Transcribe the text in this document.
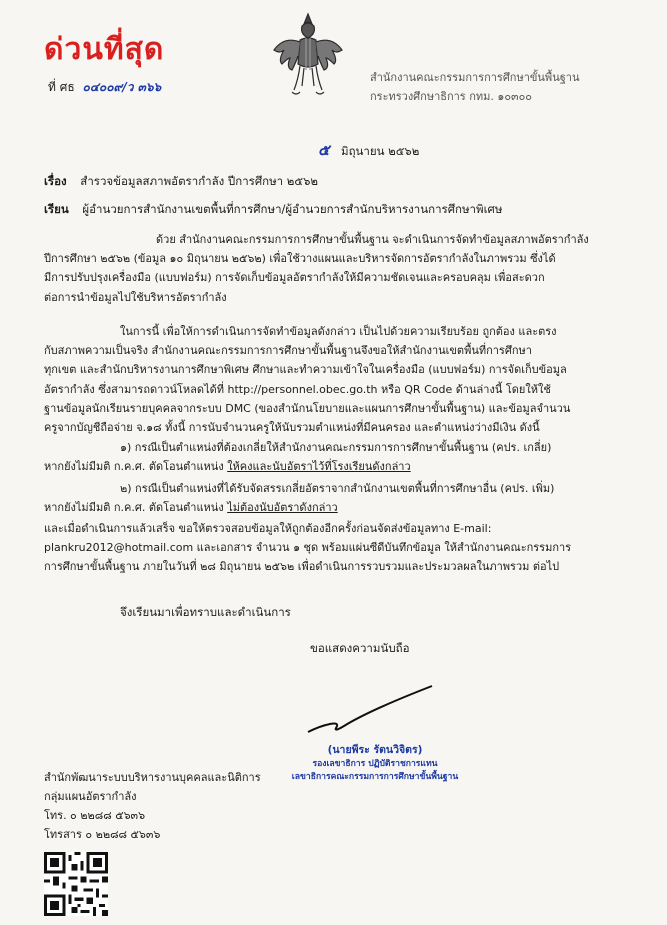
ด่วนที่สุด
ที่ ศธ ๐๔๐๐๙/ว ๓๖๖
สำนักงานคณะกรรมการการศึกษาขั้นพื้นฐาน
กระทรวงศึกษาธิการ กทม. ๑๐๓๐๐
๕ มิถุนายน ๒๕๖๒
เรื่อง สำรวจข้อมูลสภาพอัตรากำลัง ปีการศึกษา ๒๕๖๒
เรียน ผู้อำนวยการสำนักงานเขตพื้นที่การศึกษา/ผู้อำนวยการสำนักบริหารงานการศึกษาพิเศษ

ด้วย สำนักงานคณะกรรมการการศึกษาขั้นพื้นฐาน จะดำเนินการจัดทำข้อมูลสภาพอัตรากำลัง

ปีการศึกษา ๒๕๖๒ (ข้อมูล ๑๐ มิถุนายน ๒๕๖๒) เพื่อใช้วางแผนและบริหารจัดการอัตรากำลังในภาพรวม ซึ่งได้

มีการปรับปรุงเครื่องมือ (แบบฟอร์ม) การจัดเก็บข้อมูลอัตรากำลังให้มีความชัดเจนและครอบคลุม เพื่อสะดวก

ต่อการนำข้อมูลไปใช้บริหารอัตรากำลัง

ในการนี้ เพื่อให้การดำเนินการจัดทำข้อมูลดังกล่าว เป็นไปด้วยความเรียบร้อย ถูกต้อง และตรง

กับสภาพความเป็นจริง สำนักงานคณะกรรมการการศึกษาขั้นพื้นฐานจึงขอให้สำนักงานเขตพื้นที่การศึกษา

ทุกเขต และสำนักบริหารงานการศึกษาพิเศษ ศึกษาและทำความเข้าใจในเครื่องมือ (แบบฟอร์ม) การจัดเก็บข้อมูล

อัตรากำลัง ซึ่งสามารถดาวน์โหลดได้ที่ http://personnel.obec.go.th หรือ QR Code ด้านล่างนี้ โดยให้ใช้

ฐานข้อมูลนักเรียนรายบุคคลจากระบบ DMC (ของสำนักนโยบายและแผนการศึกษาขั้นพื้นฐาน) และข้อมูลจำนวน

ครูจากบัญชีถือจ่าย จ.๑๘ ทั้งนี้ การนับจำนวนครูให้นับรวมตำแหน่งที่มีคนครอง และตำแหน่งว่างมีเงิน ดังนี้

๑) กรณีเป็นตำแหน่งที่ต้องเกลี่ยให้สำนักงานคณะกรรมการการศึกษาขั้นพื้นฐาน (คปร. เกลี่ย)

หากยังไม่มีมติ ก.ค.ศ. ตัดโอนตำแหน่ง ให้คงและนับอัตราไว้ที่โรงเรียนดังกล่าว

๒) กรณีเป็นตำแหน่งที่ได้รับจัดสรรเกลี่ยอัตราจากสำนักงานเขตพื้นที่การศึกษาอื่น (คปร. เพิ่ม)

หากยังไม่มีมติ ก.ค.ศ. ตัดโอนตำแหน่ง ไม่ต้องนับอัตราดังกล่าว

และเมื่อดำเนินการแล้วเสร็จ ขอให้ตรวจสอบข้อมูลให้ถูกต้องอีกครั้งก่อนจัดส่งข้อมูลทาง E-mail:

plankru2012@hotmail.com และเอกสาร จำนวน ๑ ชุด พร้อมแผ่นซีดีบันทึกข้อมูล ให้สำนักงานคณะกรรมการ

การศึกษาขั้นพื้นฐาน ภายในวันที่ ๒๘ มิถุนายน ๒๕๖๒ เพื่อดำเนินการรวบรวมและประมวลผลในภาพรวม ต่อไป

จึงเรียนมาเพื่อทราบและดำเนินการ
ขอแสดงความนับถือ
(นายพีระ รัตนวิจิตร)
รองเลขาธิการ ปฏิบัติราชการแทน
เลขาธิการคณะกรรมการการศึกษาขั้นพื้นฐาน
สำนักพัฒนาระบบบริหารงานบุคคลและนิติการ
กลุ่มแผนอัตรากำลัง
โทร. ๐ ๒๒๘๘ ๕๖๓๖
โทรสาร ๐ ๒๒๘๘ ๕๖๓๖
